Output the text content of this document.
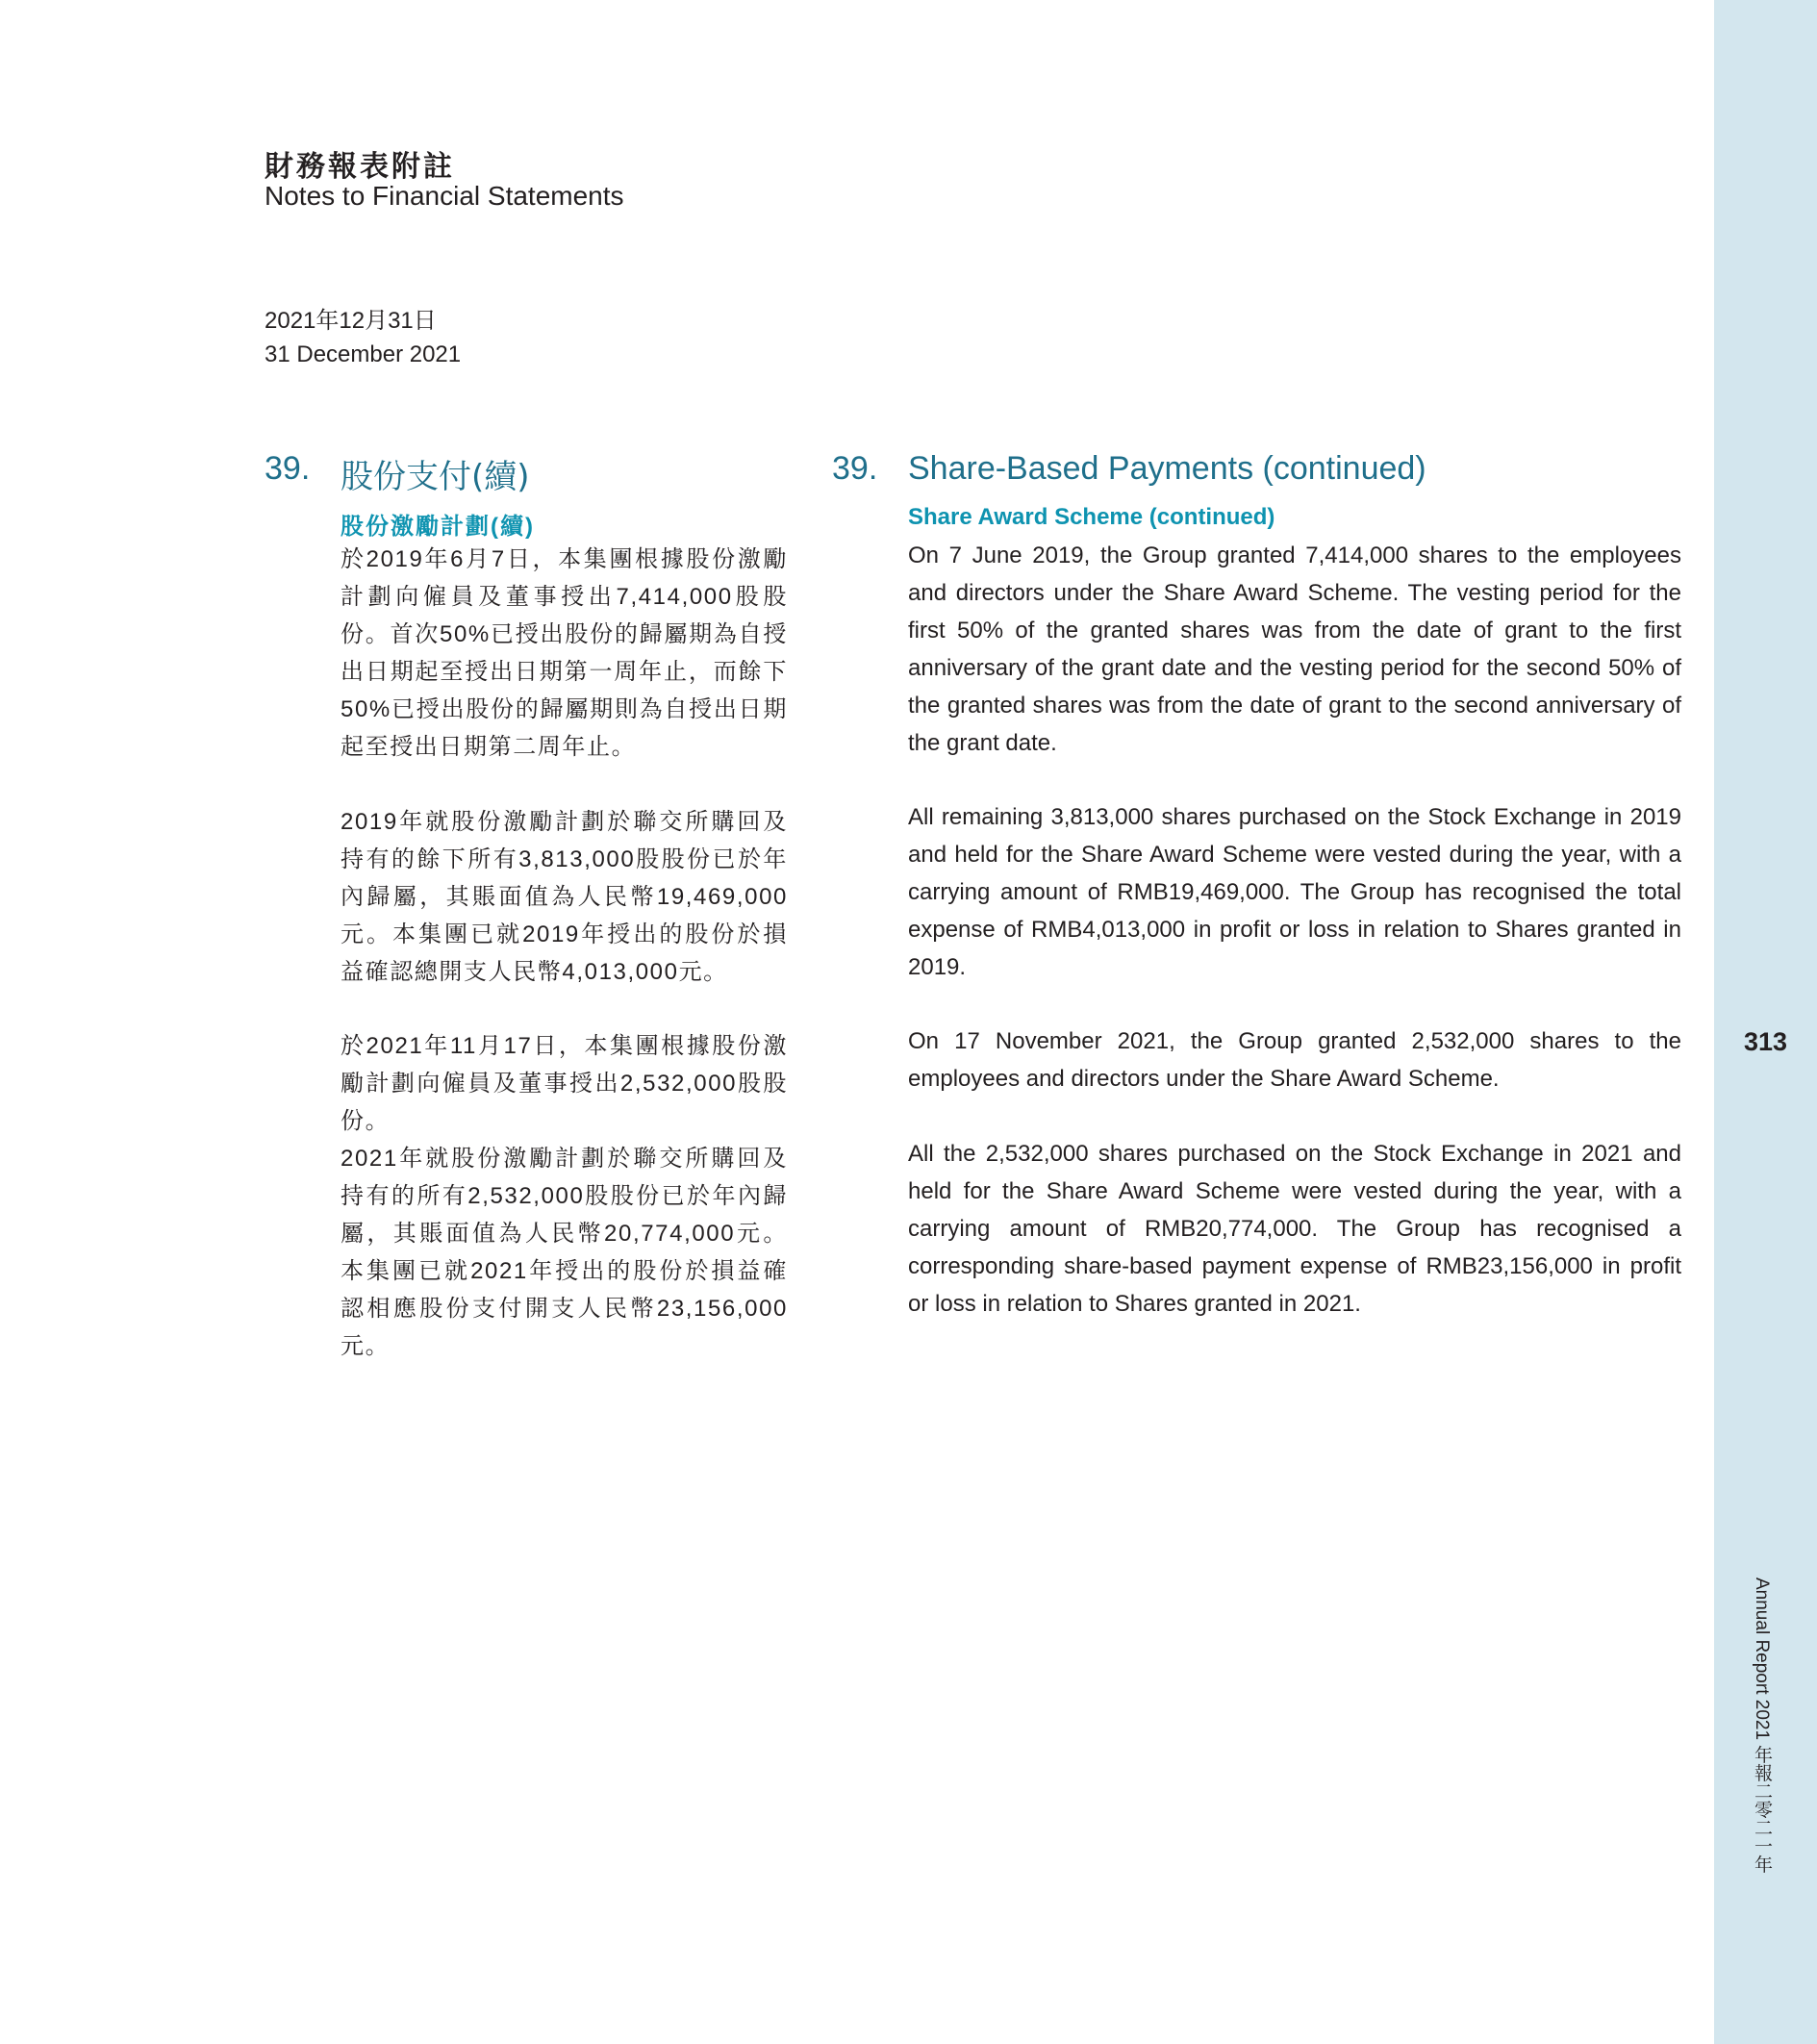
313
Annual Report 2021 年報二零二一年
財務報表附註
Notes to Financial Statements
2021年12月31日
31 December 2021
39. 股份支付(續)
股份激勵計劃(續)

於2019年6月7日，本集團根據股份激勵計劃向僱員及董事授出7,414,000股股份。首次50%已授出股份的歸屬期為自授出日期起至授出日期第一周年止，而餘下50%已授出股份的歸屬期則為自授出日期起至授出日期第二周年止。

2019年就股份激勵計劃於聯交所購回及持有的餘下所有3,813,000股股份已於年內歸屬，其賬面值為人民幣19,469,000元。本集團已就2019年授出的股份於損益確認總開支人民幣4,013,000元。

於2021年11月17日，本集團根據股份激勵計劃向僱員及董事授出2,532,000股股份。

2021年就股份激勵計劃於聯交所購回及持有的所有2,532,000股股份已於年內歸屬，其賬面值為人民幣20,774,000元。本集團已就2021年授出的股份於損益確認相應股份支付開支人民幣23,156,000元。

39. Share-Based Payments (continued)
Share Award Scheme (continued)

On 7 June 2019, the Group granted 7,414,000 shares to the employees and directors under the Share Award Scheme. The vesting period for the first 50% of the granted shares was from the date of grant to the first anniversary of the grant date and the vesting period for the second 50% of the granted shares was from the date of grant to the second anniversary of the grant date.

All remaining 3,813,000 shares purchased on the Stock Exchange in 2019 and held for the Share Award Scheme were vested during the year, with a carrying amount of RMB19,469,000. The Group has recognised the total expense of RMB4,013,000 in profit or loss in relation to Shares granted in 2019.

On 17 November 2021, the Group granted 2,532,000 shares to the employees and directors under the Share Award Scheme.

All the 2,532,000 shares purchased on the Stock Exchange in 2021 and held for the Share Award Scheme were vested during the year, with a carrying amount of RMB20,774,000. The Group has recognised a corresponding share-based payment expense of RMB23,156,000 in profit or loss in relation to Shares granted in 2021.
